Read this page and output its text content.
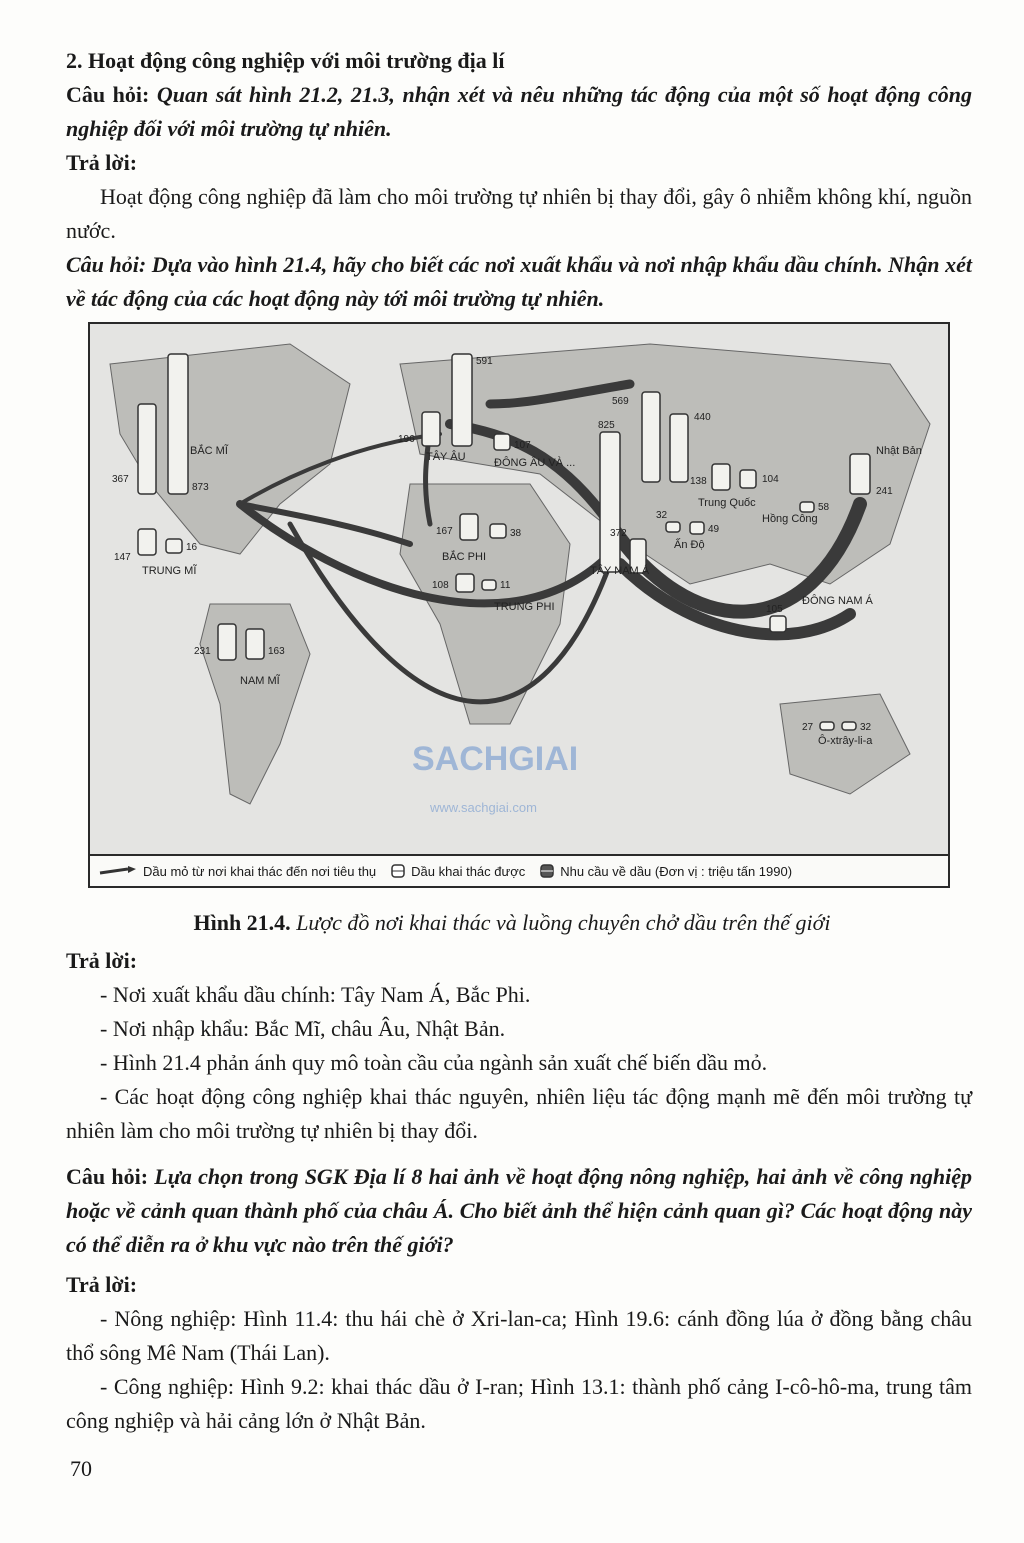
2. Hoạt động công nghiệp với môi trường địa lí
Câu hỏi: Quan sát hình 21.2, 21.3, nhận xét và nêu những tác động của một số hoạt động công nghiệp đối với môi trường tự nhiên.
Trả lời:
Hoạt động công nghiệp đã làm cho môi trường tự nhiên bị thay đổi, gây ô nhiễm không khí, nguồn nước.
Câu hỏi: Dựa vào hình 21.4, hãy cho biết các nơi xuất khẩu và nơi nhập khẩu dầu chính. Nhận xét về tác động của các hoạt động này tới môi trường tự nhiên.
BẮC MĨ
367
873
TRUNG MĨ
147
16
NAM MĨ
231	163
TÂY ÂU
196
591
ĐÔNG ÂU VÀ ...
107
BẮC PHI
167	38
TRUNG PHI
108	11
TÂY NAM Á
825
372
Trung Quốc
569
440
138	104
Ấn Độ
32
49
Hồng Công
58
ĐÔNG NAM Á
105
Nhật Bản
241
Ô-xtrây-li-a
27	32
SACHGIAI
www.sachgiai.com
Dầu mỏ từ nơi khai thác đến nơi tiêu thụ	Dầu khai thác được	Nhu cầu về dầu (Đơn vị : triệu tấn 1990)
Hình 21.4. Lược đồ nơi khai thác và luồng chuyên chở dầu trên thế giới
Trả lời:
- Nơi xuất khẩu dầu chính: Tây Nam Á, Bắc Phi.
- Nơi nhập khẩu: Bắc Mĩ, châu Âu, Nhật Bản.
- Hình 21.4 phản ánh quy mô toàn cầu của ngành sản xuất chế biến dầu mỏ.
- Các hoạt động công nghiệp khai thác nguyên, nhiên liệu tác động mạnh mẽ đến môi trường tự nhiên làm cho môi trường tự nhiên bị thay đổi.
Câu hỏi: Lựa chọn trong SGK Địa lí 8 hai ảnh về hoạt động nông nghiệp, hai ảnh về công nghiệp hoặc về cảnh quan thành phố của châu Á. Cho biết ảnh thể hiện cảnh quan gì? Các hoạt động này có thể diễn ra ở khu vực nào trên thế giới?
Trả lời:
- Nông nghiệp: Hình 11.4: thu hái chè ở Xri-lan-ca; Hình 19.6: cánh đồng lúa ở đồng bằng châu thổ sông Mê Nam (Thái Lan).
- Công nghiệp: Hình 9.2: khai thác dầu ở I-ran; Hình 13.1: thành phố cảng I-cô-hô-ma, trung tâm công nghiệp và hải cảng lớn ở Nhật Bản.
70
